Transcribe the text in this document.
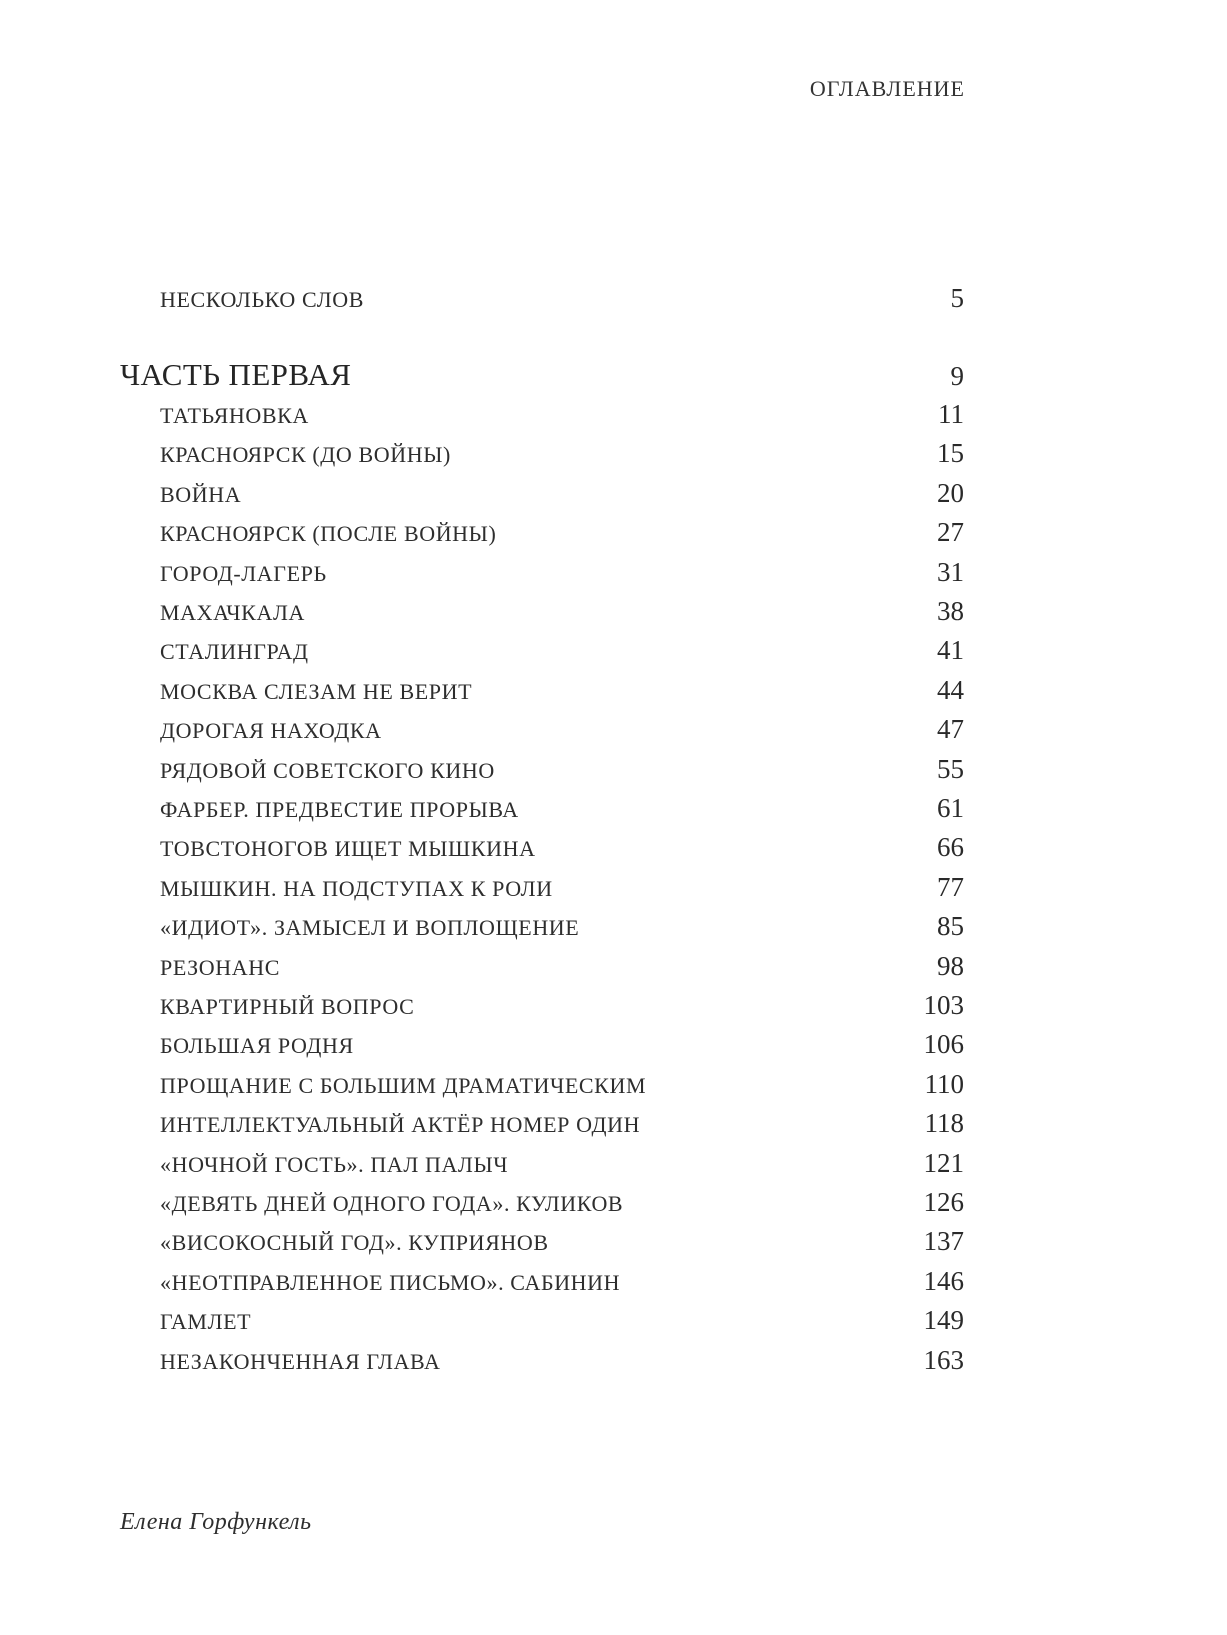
ОГЛАВЛЕНИЕ
НЕСКОЛЬКО СЛОВ	5
ЧАСТЬ ПЕРВАЯ	9
ТАТЬЯНОВКА	11
КРАСНОЯРСК (ДО ВОЙНЫ)	15
ВОЙНА	20
КРАСНОЯРСК (ПОСЛЕ ВОЙНЫ)	27
ГОРОД-ЛАГЕРЬ	31
МАХАЧКАЛА	38
СТАЛИНГРАД	41
МОСКВА СЛЕЗАМ НЕ ВЕРИТ	44
ДОРОГАЯ НАХОДКА	47
РЯДОВОЙ СОВЕТСКОГО КИНО	55
ФАРБЕР. ПРЕДВЕСТИЕ ПРОРЫВА	61
ТОВСТОНОГОВ ИЩЕТ МЫШКИНА	66
МЫШКИН. НА ПОДСТУПАХ К РОЛИ	77
«ИДИОТ». ЗАМЫСЕЛ И ВОПЛОЩЕНИЕ	85
РЕЗОНАНС	98
КВАРТИРНЫЙ ВОПРОС	103
БОЛЬШАЯ РОДНЯ	106
ПРОЩАНИЕ С БОЛЬШИМ ДРАМАТИЧЕСКИМ	110
ИНТЕЛЛЕКТУАЛЬНЫЙ АКТЁР НОМЕР ОДИН	118
«НОЧНОЙ ГОСТЬ». ПАЛ ПАЛЫЧ	121
«ДЕВЯТЬ ДНЕЙ ОДНОГО ГОДА». КУЛИКОВ	126
«ВИСОКОСНЫЙ ГОД». КУПРИЯНОВ	137
«НЕОТПРАВЛЕННОЕ ПИСЬМО». САБИНИН	146
ГАМЛЕТ	149
НЕЗАКОНЧЕННАЯ ГЛАВА	163
Елена Горфункель
